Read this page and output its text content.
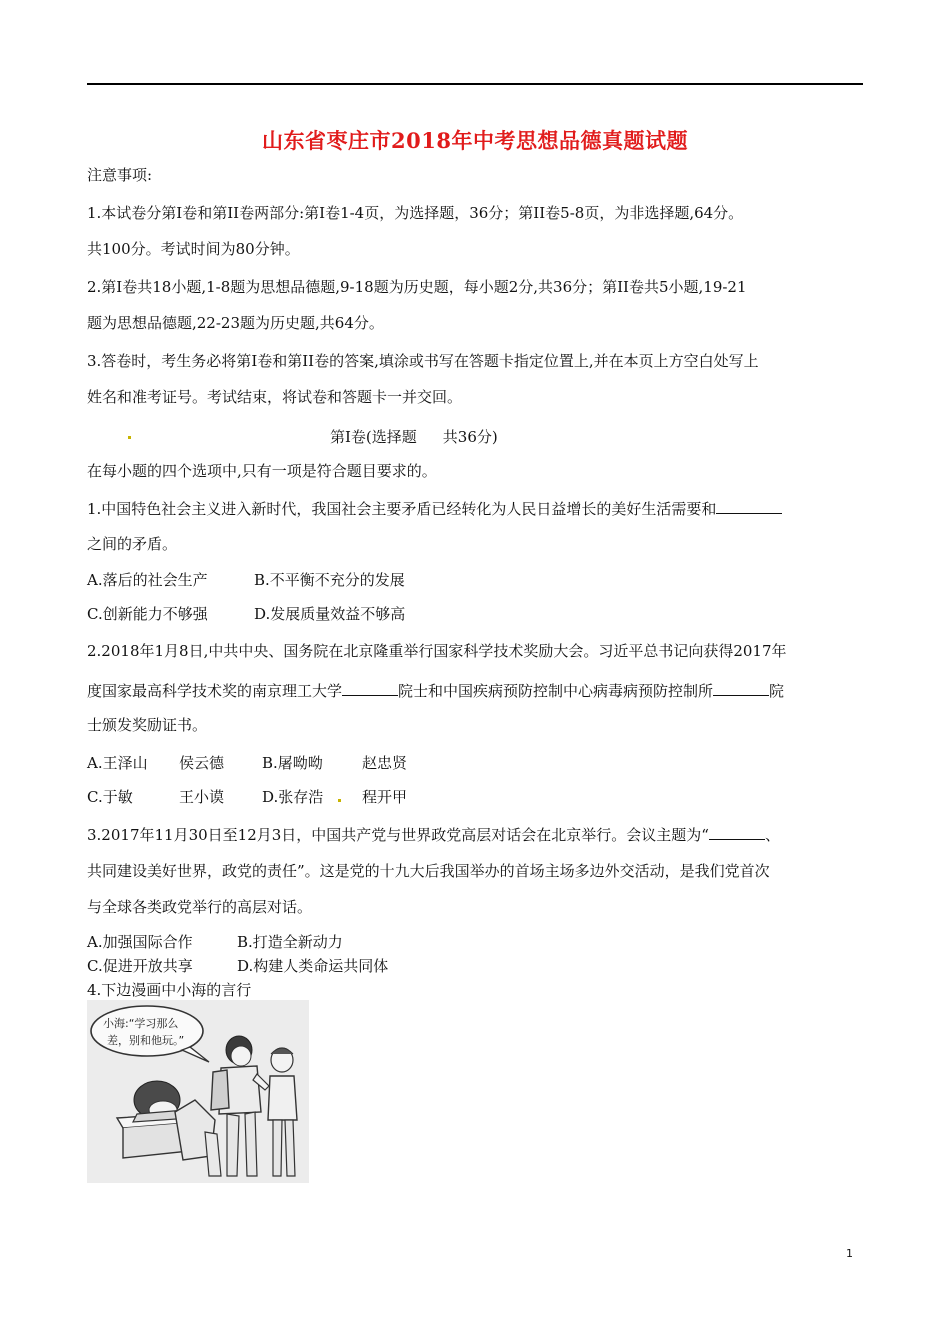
山东省枣庄市2018年中考思想品德真题试题
注意事项:
1.本试卷分第Ⅰ卷和第II卷两部分:第Ⅰ卷1-4页，为选择题，36分；第II卷5-8页，为非选择题,64分。
共100分。考试时间为80分钟。
2.第Ⅰ卷共18小题,1-8题为思想品德题,9-18题为历史题，每小题2分,共36分；第II卷共5小题,19-21
题为思想品德题,22-23题为历史题,共64分。
3.答卷时，考生务必将第Ⅰ卷和第II卷的答案,填涂或书写在答题卡指定位置上,并在本页上方空白处写上
姓名和准考证号。考试结束，将试卷和答题卡一并交回。
第Ⅰ卷(选择题 共36分)
在每小题的四个选项中,只有一项是符合题目要求的。
1.中国特色社会主义进入新时代，我国社会主要矛盾已经转化为人民日益增长的美好生活需要和
之间的矛盾。
A.落后的社会生产	B.不平衡不充分的发展
C.创新能力不够强	D.发展质量效益不够高
2.2018年1月8日,中共中央、国务院在北京隆重举行国家科学技术奖励大会。习近平总书记向获得2017年
度国家最高科学技术奖的南京理工大学	院士和中国疾病预防控制中心病毒病预防控制所	院
士颁发奖励证书。
A.王泽山 侯云德	B.屠呦呦	赵忠贤
C.于敏	王小谟	D.张存浩	程开甲
3.2017年11月30日至12月3日，中国共产党与世界政党高层对话会在北京举行。会议主题为“	、
共同建设美好世界，政党的责任”。这是党的十九大后我国举办的首场主场多边外交活动，是我们党首次
与全球各类政党举行的高层对话。
A.加强国际合作	B.打造全新动力
C.促进开放共享	D.构建人类命运共同体
4.下边漫画中小海的言行
小海:“学习那么
差，别和他玩。”
1
